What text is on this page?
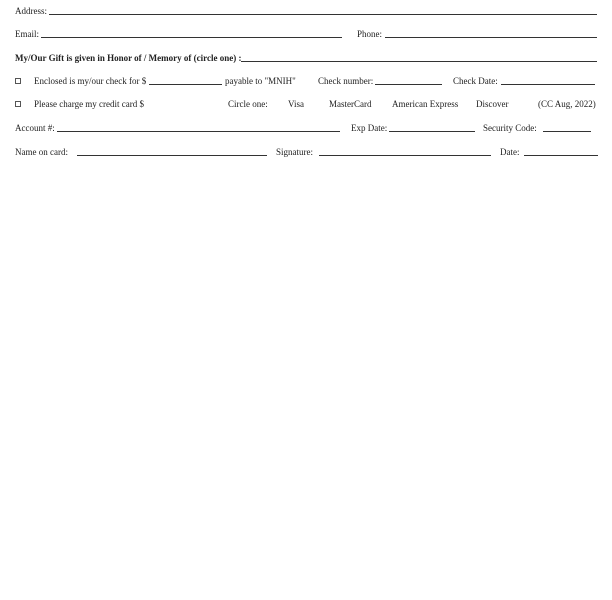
Address:
Email:	Phone:
My/Our Gift is given in Honor of / Memory of (circle one) :
Enclosed is my/our check for $	payable to "MNIH" Check number:	Check Date:
Please charge my credit card $	Circle one: Visa	MasterCard American Express Discover	(CC Aug, 2022)
Account #:	Exp Date:	Security Code:
Name on card:	Signature:	Date:
